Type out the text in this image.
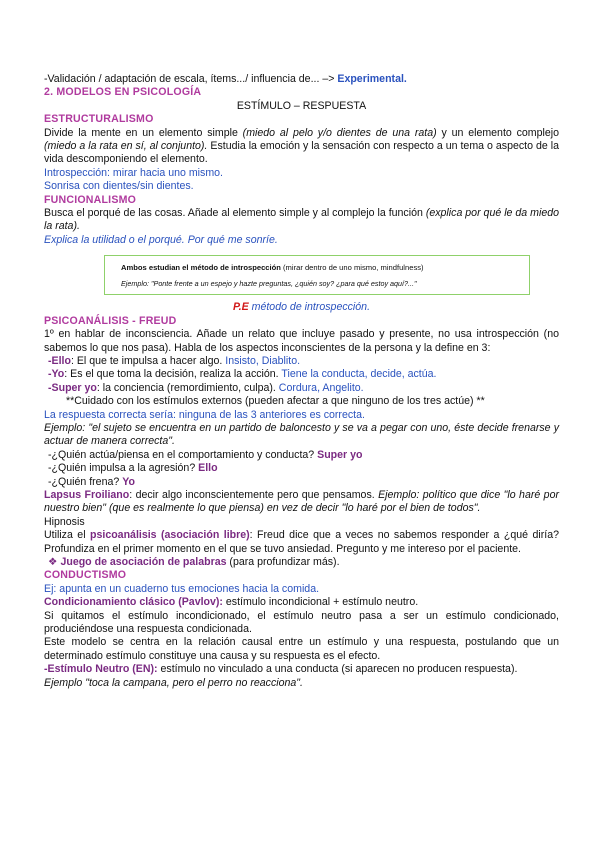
-Validación / adaptación de escala, ítems.../ influencia de... –> Experimental.

2. MODELOS EN PSICOLOGÍA

ESTÍMULO – RESPUESTA

ESTRUCTURALISMO

Divide la mente en un elemento simple (miedo al pelo y/o dientes de una rata) y un elemento complejo (miedo a la rata en sí, al conjunto). Estudia la emoción y la sensación con respecto a un tema o aspecto de la vida descomponiendo el elemento.

Introspección: mirar hacia uno mismo.

Sonrisa con dientes/sin dientes.

FUNCIONALISMO

Busca el porqué de las cosas. Añade al elemento simple y al complejo la función (explica por qué le da miedo la rata).

Explica la utilidad o el porqué. Por qué me sonríe.

Ambos estudian el método de introspección (mirar dentro de uno mismo, mindfulness)
Ejemplo: "Ponte frente a un espejo y hazte preguntas, ¿quién soy? ¿para qué estoy aquí?..."

P.E método de introspección.

PSICOANÁLISIS - FREUD

1º en hablar de inconsciencia. Añade un relato que incluye pasado y presente, no usa introspección (no sabemos lo que nos pasa). Habla de los aspectos inconscientes de la persona y la define en 3:

-Ello: El que te impulsa a hacer algo. Insisto, Diablito.

-Yo: Es el que toma la decisión, realiza la acción. Tiene la conducta, decide, actúa.

-Super yo: la conciencia (remordimiento, culpa). Cordura, Angelito.

**Cuidado con los estímulos externos (pueden afectar a que ninguno de los tres actúe) **

La respuesta correcta sería: ninguna de las 3 anteriores es correcta.

Ejemplo: "el sujeto se encuentra en un partido de baloncesto y se va a pegar con uno, éste decide frenarse y actuar de manera correcta".

-¿Quién actúa/piensa en el comportamiento y conducta? Super yo

-¿Quién impulsa a la agresión? Ello

-¿Quién frena? Yo

Lapsus Froiliano: decir algo inconscientemente pero que pensamos. Ejemplo: político que dice "lo haré por nuestro bien" (que es realmente lo que piensa) en vez de decir "lo haré por el bien de todos".

Hipnosis

Utiliza el psicoanálisis (asociación libre): Freud dice que a veces no sabemos responder a ¿qué diría? Profundiza en el primer momento en el que se tuvo ansiedad. Pregunto y me intereso por el paciente.

❖ Juego de asociación de palabras (para profundizar más).

CONDUCTISMO

Ej: apunta en un cuaderno tus emociones hacia la comida.

Condicionamiento clásico (Pavlov): estímulo incondicional + estímulo neutro.

Si quitamos el estímulo incondicionado, el estímulo neutro pasa a ser un estímulo condicionado, produciéndose una respuesta condicionada.

Este modelo se centra en la relación causal entre un estímulo y una respuesta, postulando que un determinado estímulo constituye una causa y su respuesta es el efecto.

-Estímulo Neutro (EN): estímulo no vinculado a una conducta (si aparecen no producen respuesta).

Ejemplo "toca la campana, pero el perro no reacciona".
